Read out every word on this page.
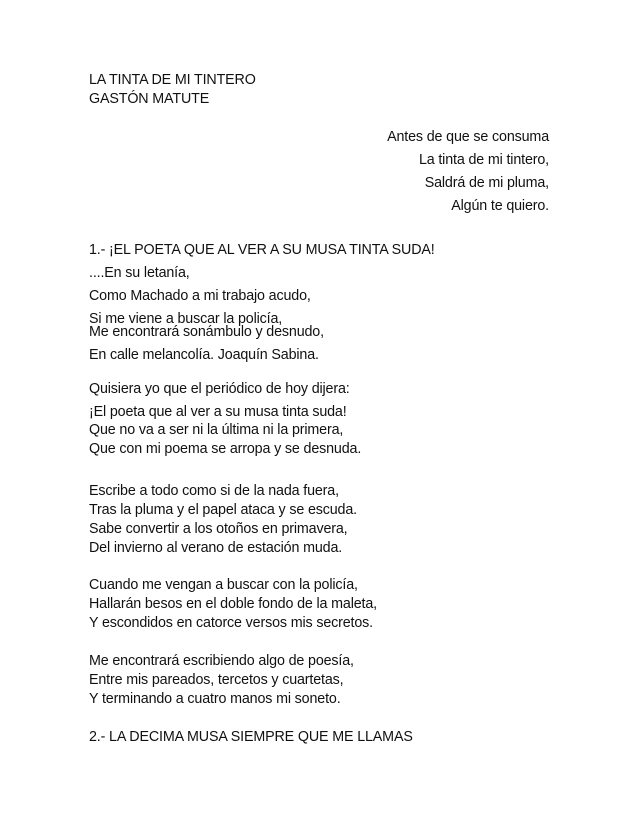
LA TINTA DE MI TINTERO
GASTÓN MATUTE
Antes de que se consuma
La tinta de mi tintero,
Saldrá de mi pluma,
Algún te quiero.
1.- ¡EL POETA QUE AL VER A SU MUSA TINTA SUDA!
....En su letanía,
Como Machado a mi trabajo acudo,
Si me viene a buscar la policía,
Me encontrará sonámbulo y desnudo,
En calle melancolía. Joaquín Sabina.
Quisiera yo que el periódico de hoy dijera:
¡El poeta que al ver a su musa tinta suda!
Que no va a ser ni la última ni la primera,
Que con mi poema se arropa y se desnuda.
Escribe a todo como si de la nada fuera,
Tras la pluma y el papel ataca y se escuda.
Sabe convertir a los otoños en primavera,
Del invierno al verano de estación muda.
Cuando me vengan a buscar con la policía,
Hallarán besos en el doble fondo de la maleta,
Y escondidos en catorce versos mis secretos.
Me encontrará escribiendo algo de poesía,
Entre mis pareados, tercetos y cuartetas,
Y terminando a cuatro manos mi soneto.
2.- LA DECIMA MUSA SIEMPRE QUE ME LLAMAS
